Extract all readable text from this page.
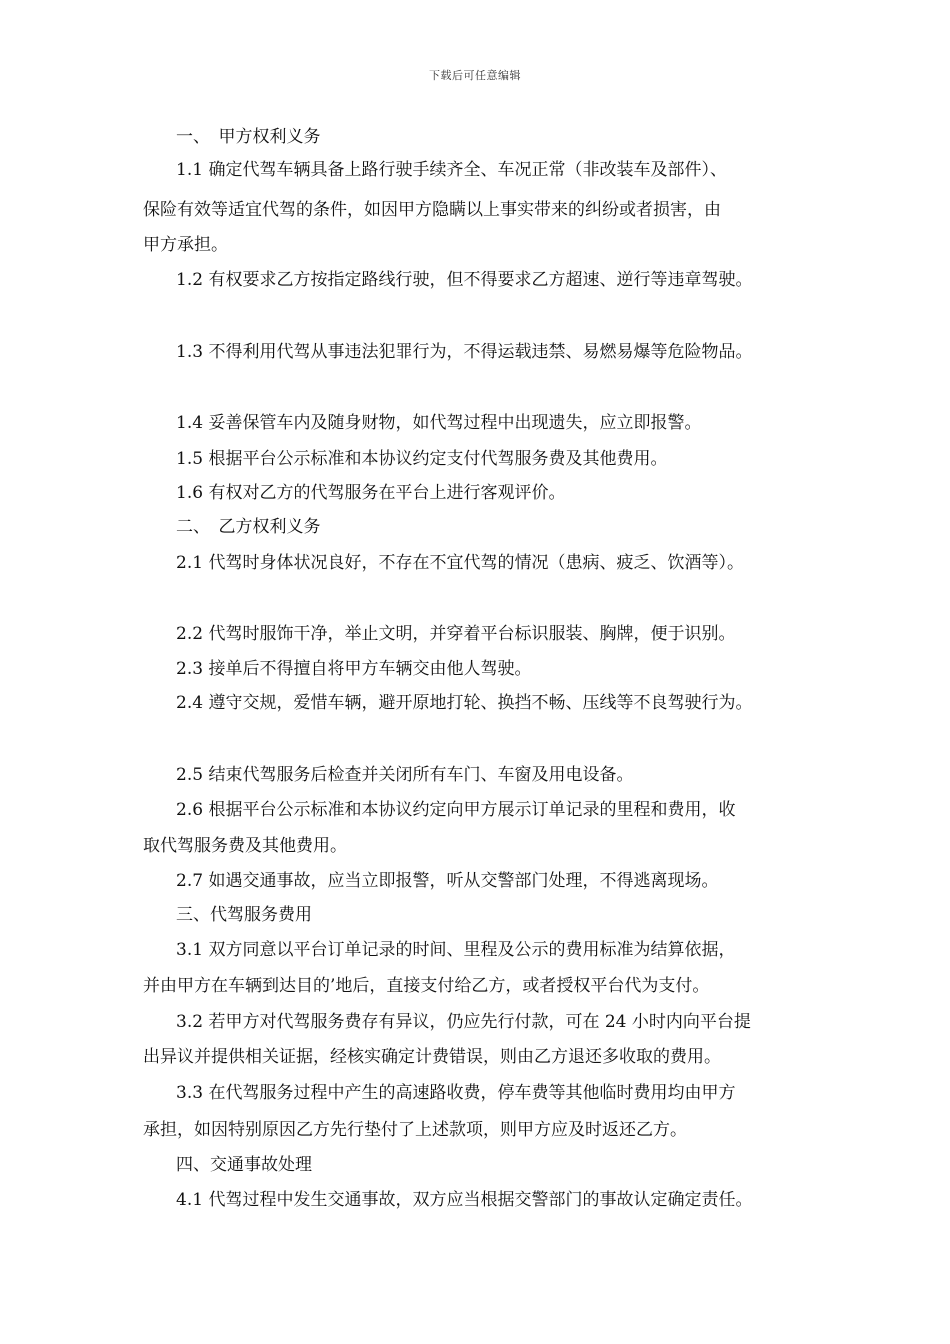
下载后可任意编辑
一、　甲方权利义务
1.1 确定代驾车辆具备上路行驶手续齐全、车况正常（非改装车及部件）、
保险有效等适宜代驾的条件，如因甲方隐瞒以上事实带来的纠纷或者损害，由
甲方承担。
1.2 有权要求乙方按指定路线行驶，但不得要求乙方超速、逆行等违章驾驶。
1.3 不得利用代驾从事违法犯罪行为，不得运载违禁、易燃易爆等危险物品。
1.4 妥善保管车内及随身财物，如代驾过程中出现遗失，应立即报警。
1.5 根据平台公示标准和本协议约定支付代驾服务费及其他费用。
1.6 有权对乙方的代驾服务在平台上进行客观评价。
二、　乙方权利义务
2.1 代驾时身体状况良好，不存在不宜代驾的情况（患病、疲乏、饮酒等）。
2.2 代驾时服饰干净，举止文明，并穿着平台标识服装、胸牌，便于识别。
2.3 接单后不得擅自将甲方车辆交由他人驾驶。
2.4 遵守交规，爱惜车辆，避开原地打轮、换挡不畅、压线等不良驾驶行为。
2.5 结束代驾服务后检查并关闭所有车门、车窗及用电设备。
2.6 根据平台公示标准和本协议约定向甲方展示订单记录的里程和费用，收
取代驾服务费及其他费用。
2.7 如遇交通事故，应当立即报警，听从交警部门处理，不得逃离现场。
三、代驾服务费用
3.1 双方同意以平台订单记录的时间、里程及公示的费用标准为结算依据，
并由甲方在车辆到达目的’地后，直接支付给乙方，或者授权平台代为支付。
3.2 若甲方对代驾服务费存有异议，仍应先行付款，可在 24 小时内向平台提
出异议并提供相关证据，经核实确定计费错误，则由乙方退还多收取的费用。
3.3 在代驾服务过程中产生的高速路收费，停车费等其他临时费用均由甲方
承担，如因特别原因乙方先行垫付了上述款项，则甲方应及时返还乙方。
四、交通事故处理
4.1 代驾过程中发生交通事故，双方应当根据交警部门的事故认定确定责任。
